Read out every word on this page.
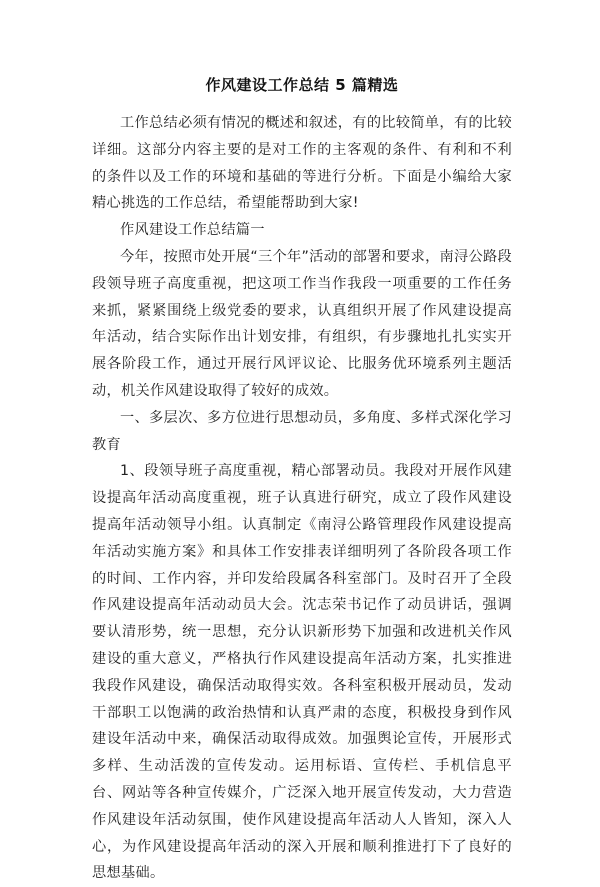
作风建设工作总结 5 篇精选

工作总结必须有情况的概述和叙述，有的比较简单，有的比较详细。这部分内容主要的是对工作的主客观的条件、有利和不利的条件以及工作的环境和基础的等进行分析。下面是小编给大家精心挑选的工作总结，希望能帮助到大家!

作风建设工作总结篇一

今年，按照市处开展“三个年”活动的部署和要求，南浔公路段段领导班子高度重视，把这项工作当作我段一项重要的工作任务来抓，紧紧围绕上级党委的要求，认真组织开展了作风建设提高年活动，结合实际作出计划安排，有组织，有步骤地扎扎实实开展各阶段工作，通过开展行风评议论、比服务优环境系列主题活动，机关作风建设取得了较好的成效。

一、多层次、多方位进行思想动员，多角度、多样式深化学习教育

1、段领导班子高度重视，精心部署动员。我段对开展作风建设提高年活动高度重视，班子认真进行研究，成立了段作风建设提高年活动领导小组。认真制定《南浔公路管理段作风建设提高年活动实施方案》和具体工作安排表详细明列了各阶段各项工作的时间、工作内容，并印发给段属各科室部门。及时召开了全段作风建设提高年活动动员大会。沈志荣书记作了动员讲话，强调要认清形势，统一思想，充分认识新形势下加强和改进机关作风建设的重大意义，严格执行作风建设提高年活动方案，扎实推进我段作风建设，确保活动取得实效。各科室积极开展动员，发动干部职工以饱满的政治热情和认真严肃的态度，积极投身到作风建设年活动中来，确保活动取得成效。加强舆论宣传，开展形式多样、生动活泼的宣传发动。运用标语、宣传栏、手机信息平台、网站等各种宣传媒介，广泛深入地开展宣传发动，大力营造作风建设年活动氛围，使作风建设提高年活动人人皆知，深入人心，为作风建设提高年活动的深入开展和顺利推进打下了良好的思想基础。
